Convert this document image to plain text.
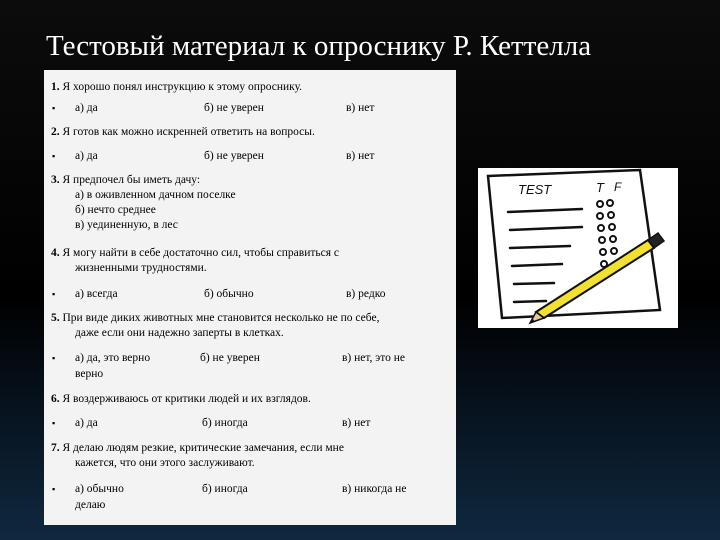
Тестовый материал к опроснику Р. Кеттелла
1. Я хорошо понял инструкцию к этому опроснику.
▪ а) да	б) не уверен	в) нет
2. Я готов как можно искренней ответить на вопросы.
▪ а) да	б) не уверен	в) нет
3. Я предпочел бы иметь дачу:
а) в оживленном дачном поселке
б) нечто среднее
в) уединенную, в лес
4. Я могу найти в себе достаточно сил, чтобы справиться с
жизненными трудностями.
▪ а) всегда	б) обычно	в) редко
5. При виде диких животных мне становится несколько не по себе,
даже если они надежно заперты в клетках.
▪ а) да, это верно	б) не уверен	в) нет, это не
верно
6. Я воздерживаюсь от критики людей и их взглядов.
▪ а) да	б) иногда	в) нет
7. Я делаю людям резкие, критические замечания, если мне
кажется, что они этого заслуживают.
▪ а) обычно	б) иногда	в) никогда не
делаю
TEST	T F
